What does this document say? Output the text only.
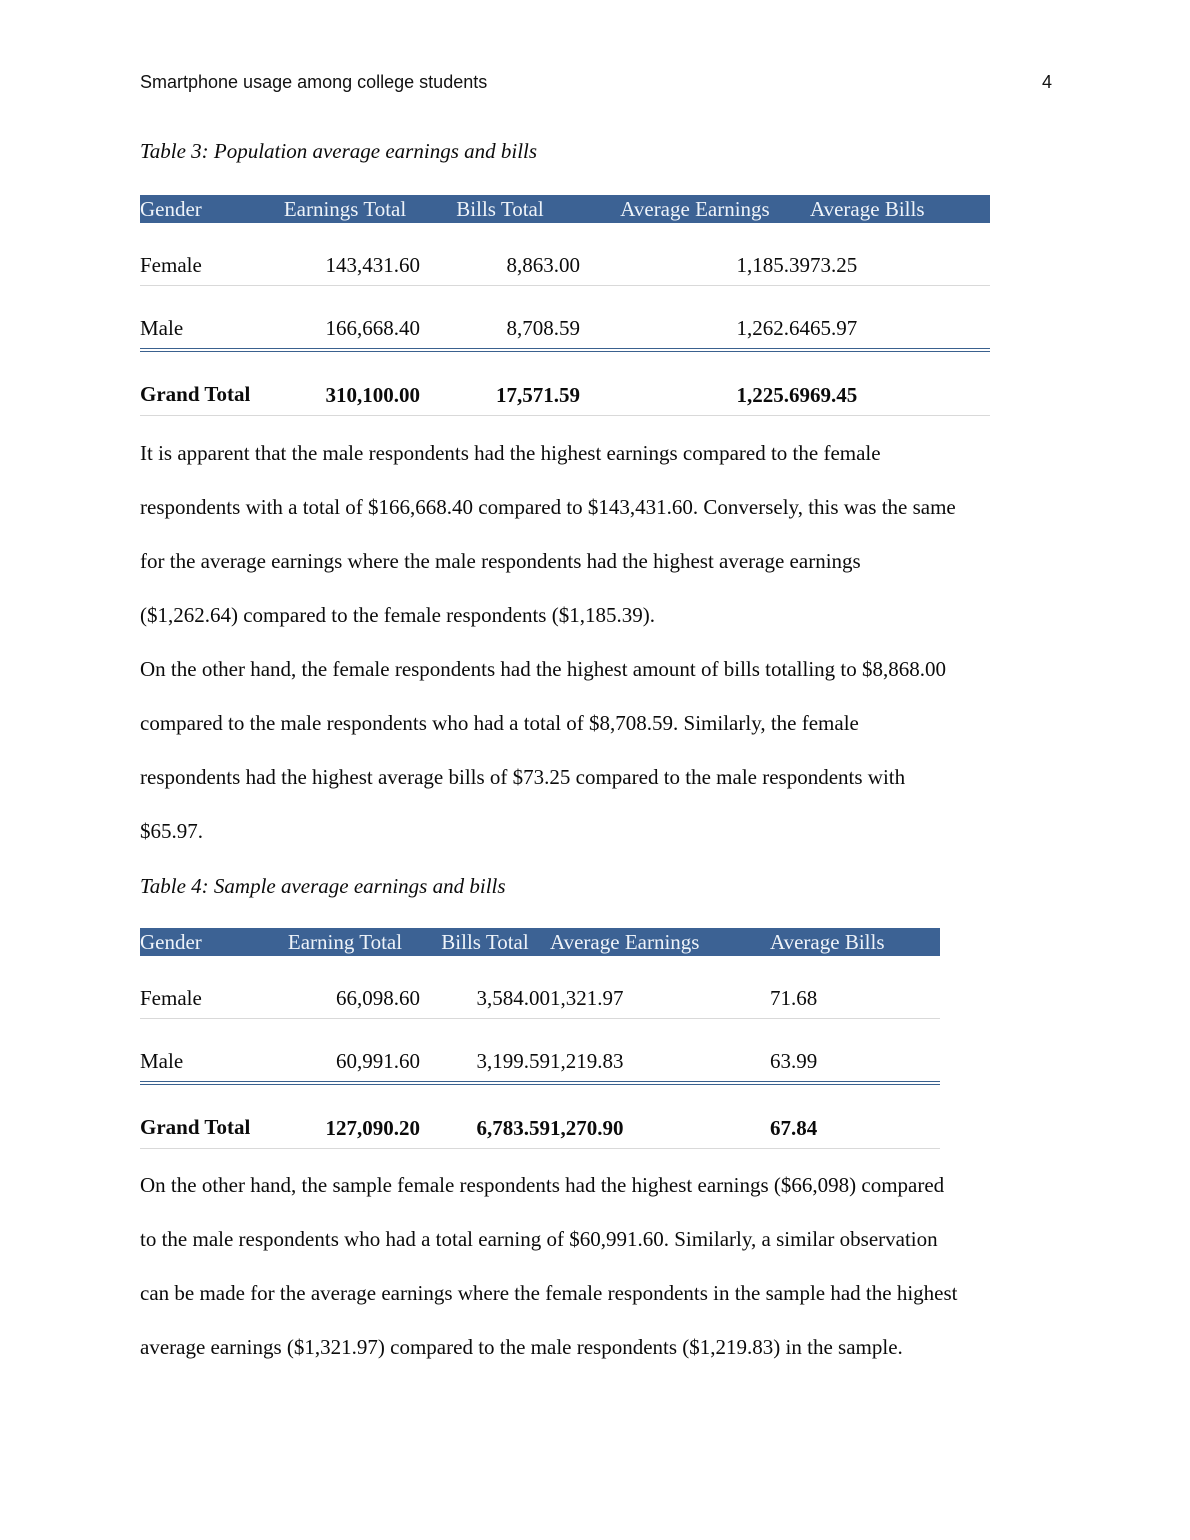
Smartphone usage among college students	4
Table 3: Population average earnings and bills
Gender	Earnings Total	Bills Total	Average Earnings	Average Bills
Female	143,431.60	8,863.00	1,185.39	73.25
Male	166,668.40	8,708.59	1,262.64	65.97

Grand Total	310,100.00	17,571.59	1,225.69	69.45
It is apparent that the male respondents had the highest earnings compared to the female
respondents with a total of $166,668.40 compared to $143,431.60. Conversely, this was the same
for the average earnings where the male respondents had the highest average earnings
($1,262.64) compared to the female respondents ($1,185.39).
On the other hand, the female respondents had the highest amount of bills totalling to $8,868.00
compared to the male respondents who had a total of $8,708.59. Similarly, the female
respondents had the highest average bills of $73.25 compared to the male respondents with
$65.97.
Table 4: Sample average earnings and bills
Gender	Earning Total	Bills Total	Average Earnings	Average Bills
Female	66,098.60	3,584.00	1,321.97	71.68
Male	60,991.60	3,199.59	1,219.83	63.99

Grand Total	127,090.20	6,783.59	1,270.90	67.84
On the other hand, the sample female respondents had the highest earnings ($66,098) compared
to the male respondents who had a total earning of $60,991.60. Similarly, a similar observation
can be made for the average earnings where the female respondents in the sample had the highest
average earnings ($1,321.97) compared to the male respondents ($1,219.83) in the sample.
